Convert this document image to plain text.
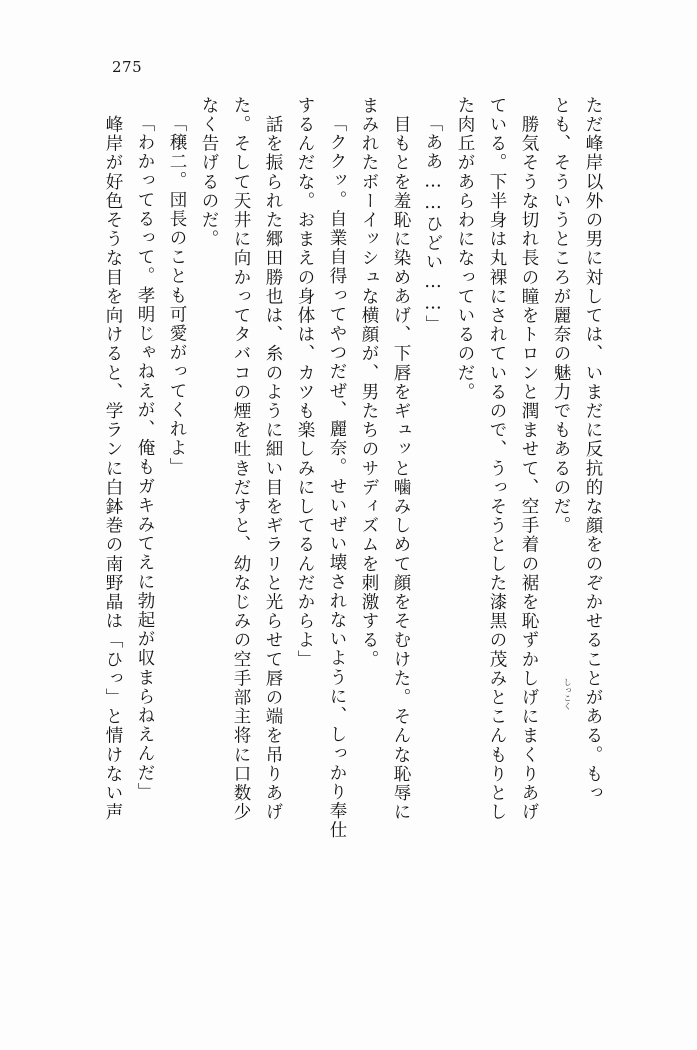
275
ただ峰岸以外の男に対しては、いまだに反抗的な顔をのぞかせることがある。もっ
とも、そういうところが麗奈の魅力でもあるのだ。
　勝気そうな切れ長の瞳をトロンと潤ませて、空手着の裾を恥ずかしげにまくりあげ
ている。下半身は丸裸にされているので、うっそうとした漆黒の茂みとこんもりとし
た肉丘があらわになっているのだ。
「ああ……ひどい……」
　目もとを羞恥に染めあげ、下唇をギュッと噛みしめて顔をそむけた。そんな恥辱に
まみれたボーイッシュな横顔が、男たちのサディズムを刺激する。
「ククッ。自業自得ってやつだぜ、麗奈。せいぜい壊されないように、しっかり奉仕
するんだな。おまえの身体は、カツも楽しみにしてるんだからよ」
　話を振られた郷田勝也は、糸のように細い目をギラリと光らせて唇の端を吊りあげ
た。そして天井に向かってタバコの煙を吐きだすと、幼なじみの空手部主将に口数少
なく告げるのだ。
「穣二。団長のことも可愛がってくれよ」
「わかってるって。孝明じゃねえが、俺もガキみてえに勃起が収まらねえんだ」
　峰岸が好色そうな目を向けると、学ランに白鉢巻の南野晶は「ひっ」と情けない声	しっこく
